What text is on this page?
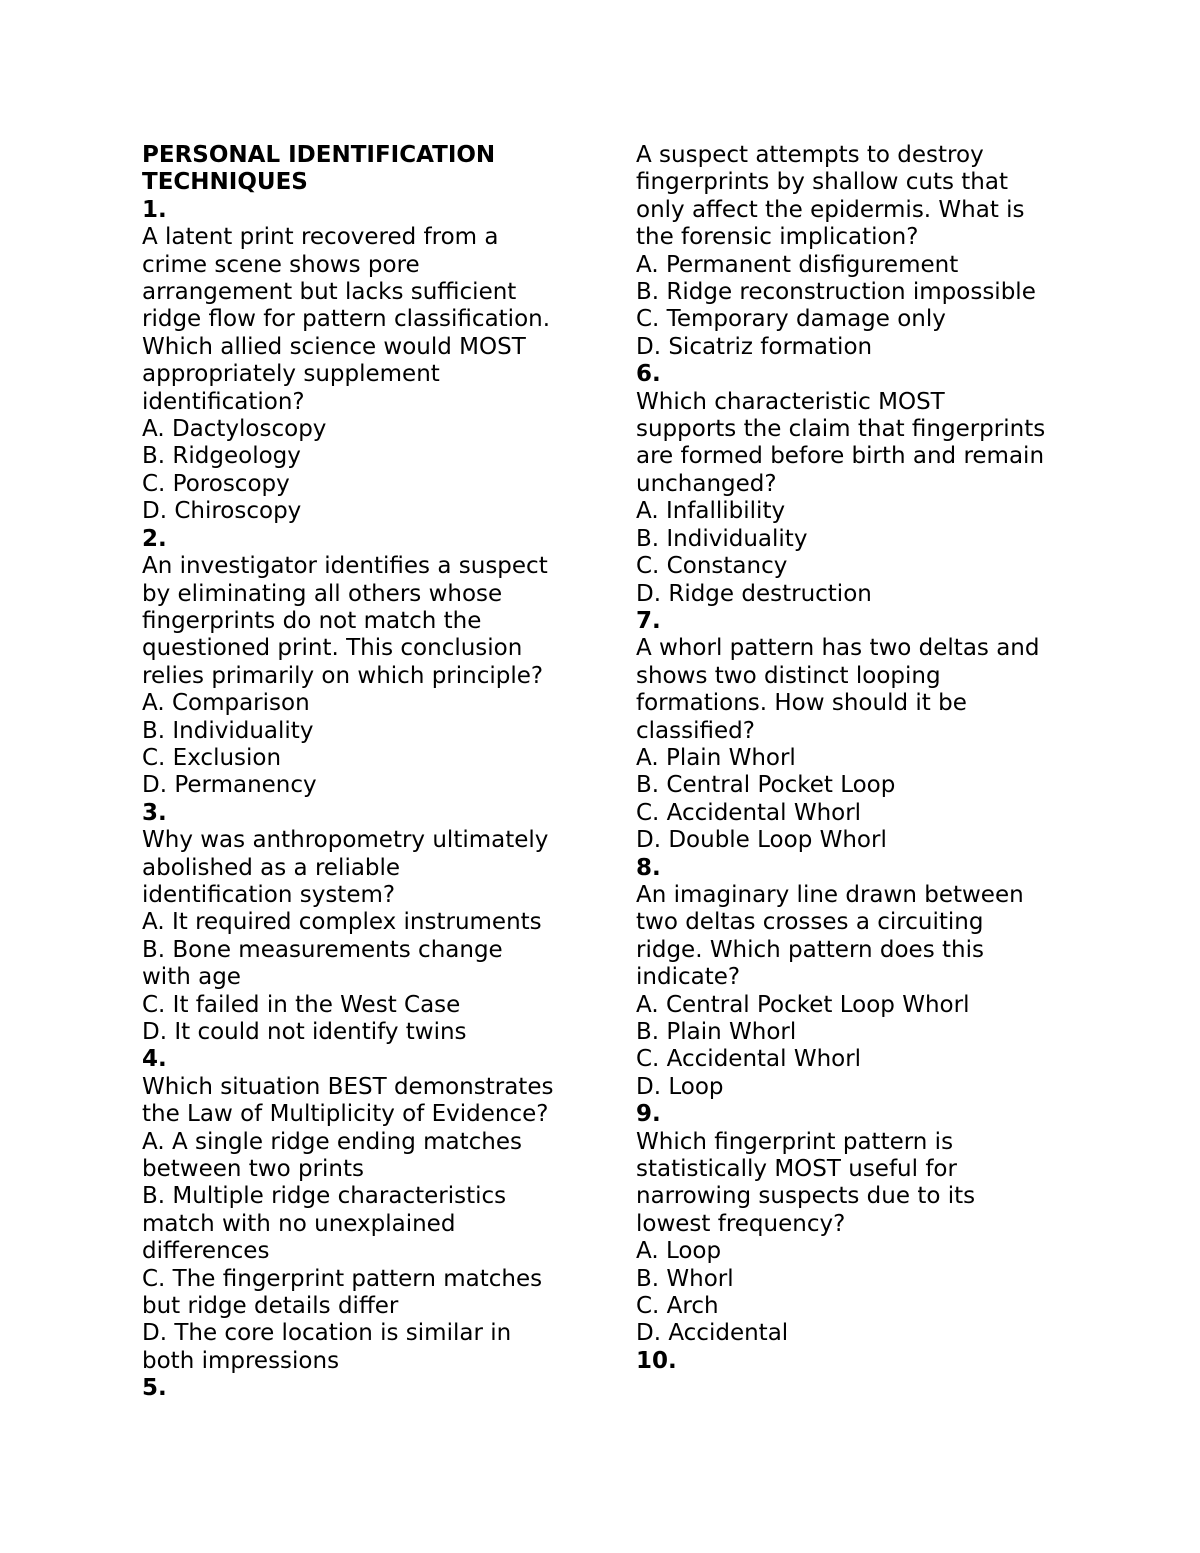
PERSONAL IDENTIFICATION
TECHNIQUES
1.
A latent print recovered from a
crime scene shows pore
arrangement but lacks sufficient
ridge flow for pattern classification.
Which allied science would MOST
appropriately supplement
identification?
A. Dactyloscopy
B. Ridgeology
C. Poroscopy
D. Chiroscopy
2.
An investigator identifies a suspect
by eliminating all others whose
fingerprints do not match the
questioned print. This conclusion
relies primarily on which principle?
A. Comparison
B. Individuality
C. Exclusion
D. Permanency
3.
Why was anthropometry ultimately
abolished as a reliable
identification system?
A. It required complex instruments
B. Bone measurements change
with age
C. It failed in the West Case
D. It could not identify twins
4.
Which situation BEST demonstrates
the Law of Multiplicity of Evidence?
A. A single ridge ending matches
between two prints
B. Multiple ridge characteristics
match with no unexplained
differences
C. The fingerprint pattern matches
but ridge details differ
D. The core location is similar in
both impressions
5.
A suspect attempts to destroy
fingerprints by shallow cuts that
only affect the epidermis. What is
the forensic implication?
A. Permanent disfigurement
B. Ridge reconstruction impossible
C. Temporary damage only
D. Sicatriz formation
6.
Which characteristic MOST
supports the claim that fingerprints
are formed before birth and remain
unchanged?
A. Infallibility
B. Individuality
C. Constancy
D. Ridge destruction
7.
A whorl pattern has two deltas and
shows two distinct looping
formations. How should it be
classified?
A. Plain Whorl
B. Central Pocket Loop
C. Accidental Whorl
D. Double Loop Whorl
8.
An imaginary line drawn between
two deltas crosses a circuiting
ridge. Which pattern does this
indicate?
A. Central Pocket Loop Whorl
B. Plain Whorl
C. Accidental Whorl
D. Loop
9.
Which fingerprint pattern is
statistically MOST useful for
narrowing suspects due to its
lowest frequency?
A. Loop
B. Whorl
C. Arch
D. Accidental
10.
